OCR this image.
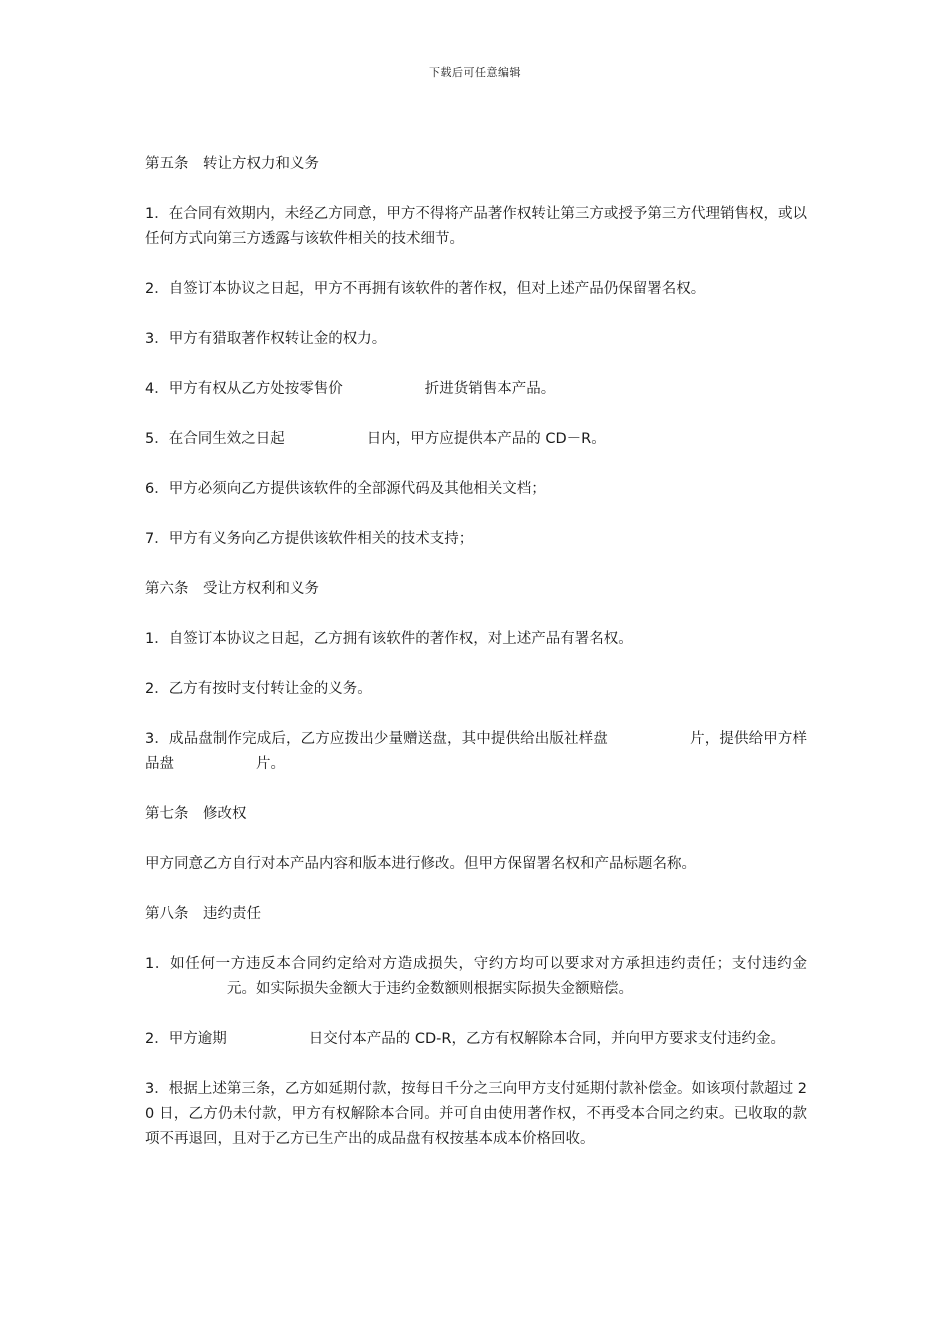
下载后可任意编辑

第五条　转让方权力和义务

1．在合同有效期内，未经乙方同意，甲方不得将产品著作权转让第三方或授予第三方代理销售权，或以任何方式向第三方透露与该软件相关的技术细节。

2．自签订本协议之日起，甲方不再拥有该软件的著作权，但对上述产品仍保留署名权。

3．甲方有猎取著作权转让金的权力。

4．甲方有权从乙方处按零售价	折进货销售本产品。

5．在合同生效之日起	日内，甲方应提供本产品的 CD－R。

6．甲方必须向乙方提供该软件的全部源代码及其他相关文档；

7．甲方有义务向乙方提供该软件相关的技术支持；

第六条　受让方权利和义务

1．自签订本协议之日起，乙方拥有该软件的著作权，对上述产品有署名权。

2．乙方有按时支付转让金的义务。

3．成品盘制作完成后，乙方应拨出少量赠送盘，其中提供给出版社样盘	片，提供给甲方样品盘	片。

第七条　修改权

甲方同意乙方自行对本产品内容和版本进行修改。但甲方保留署名权和产品标题名称。

第八条　违约责任

1．如任何一方违反本合同约定给对方造成损失，守约方均可以要求对方承担违约责任；支付违约金元。如实际损失金额大于违约金数额则根据实际损失金额赔偿。

2．甲方逾期	日交付本产品的 CD-R，乙方有权解除本合同，并向甲方要求支付违约金。

3．根据上述第三条，乙方如延期付款，按每日千分之三向甲方支付延期付款补偿金。如该项付款超过 20 日，乙方仍未付款，甲方有权解除本合同。并可自由使用著作权，不再受本合同之约束。已收取的款项不再退回，且对于乙方已生产出的成品盘有权按基本成本价格回收。
